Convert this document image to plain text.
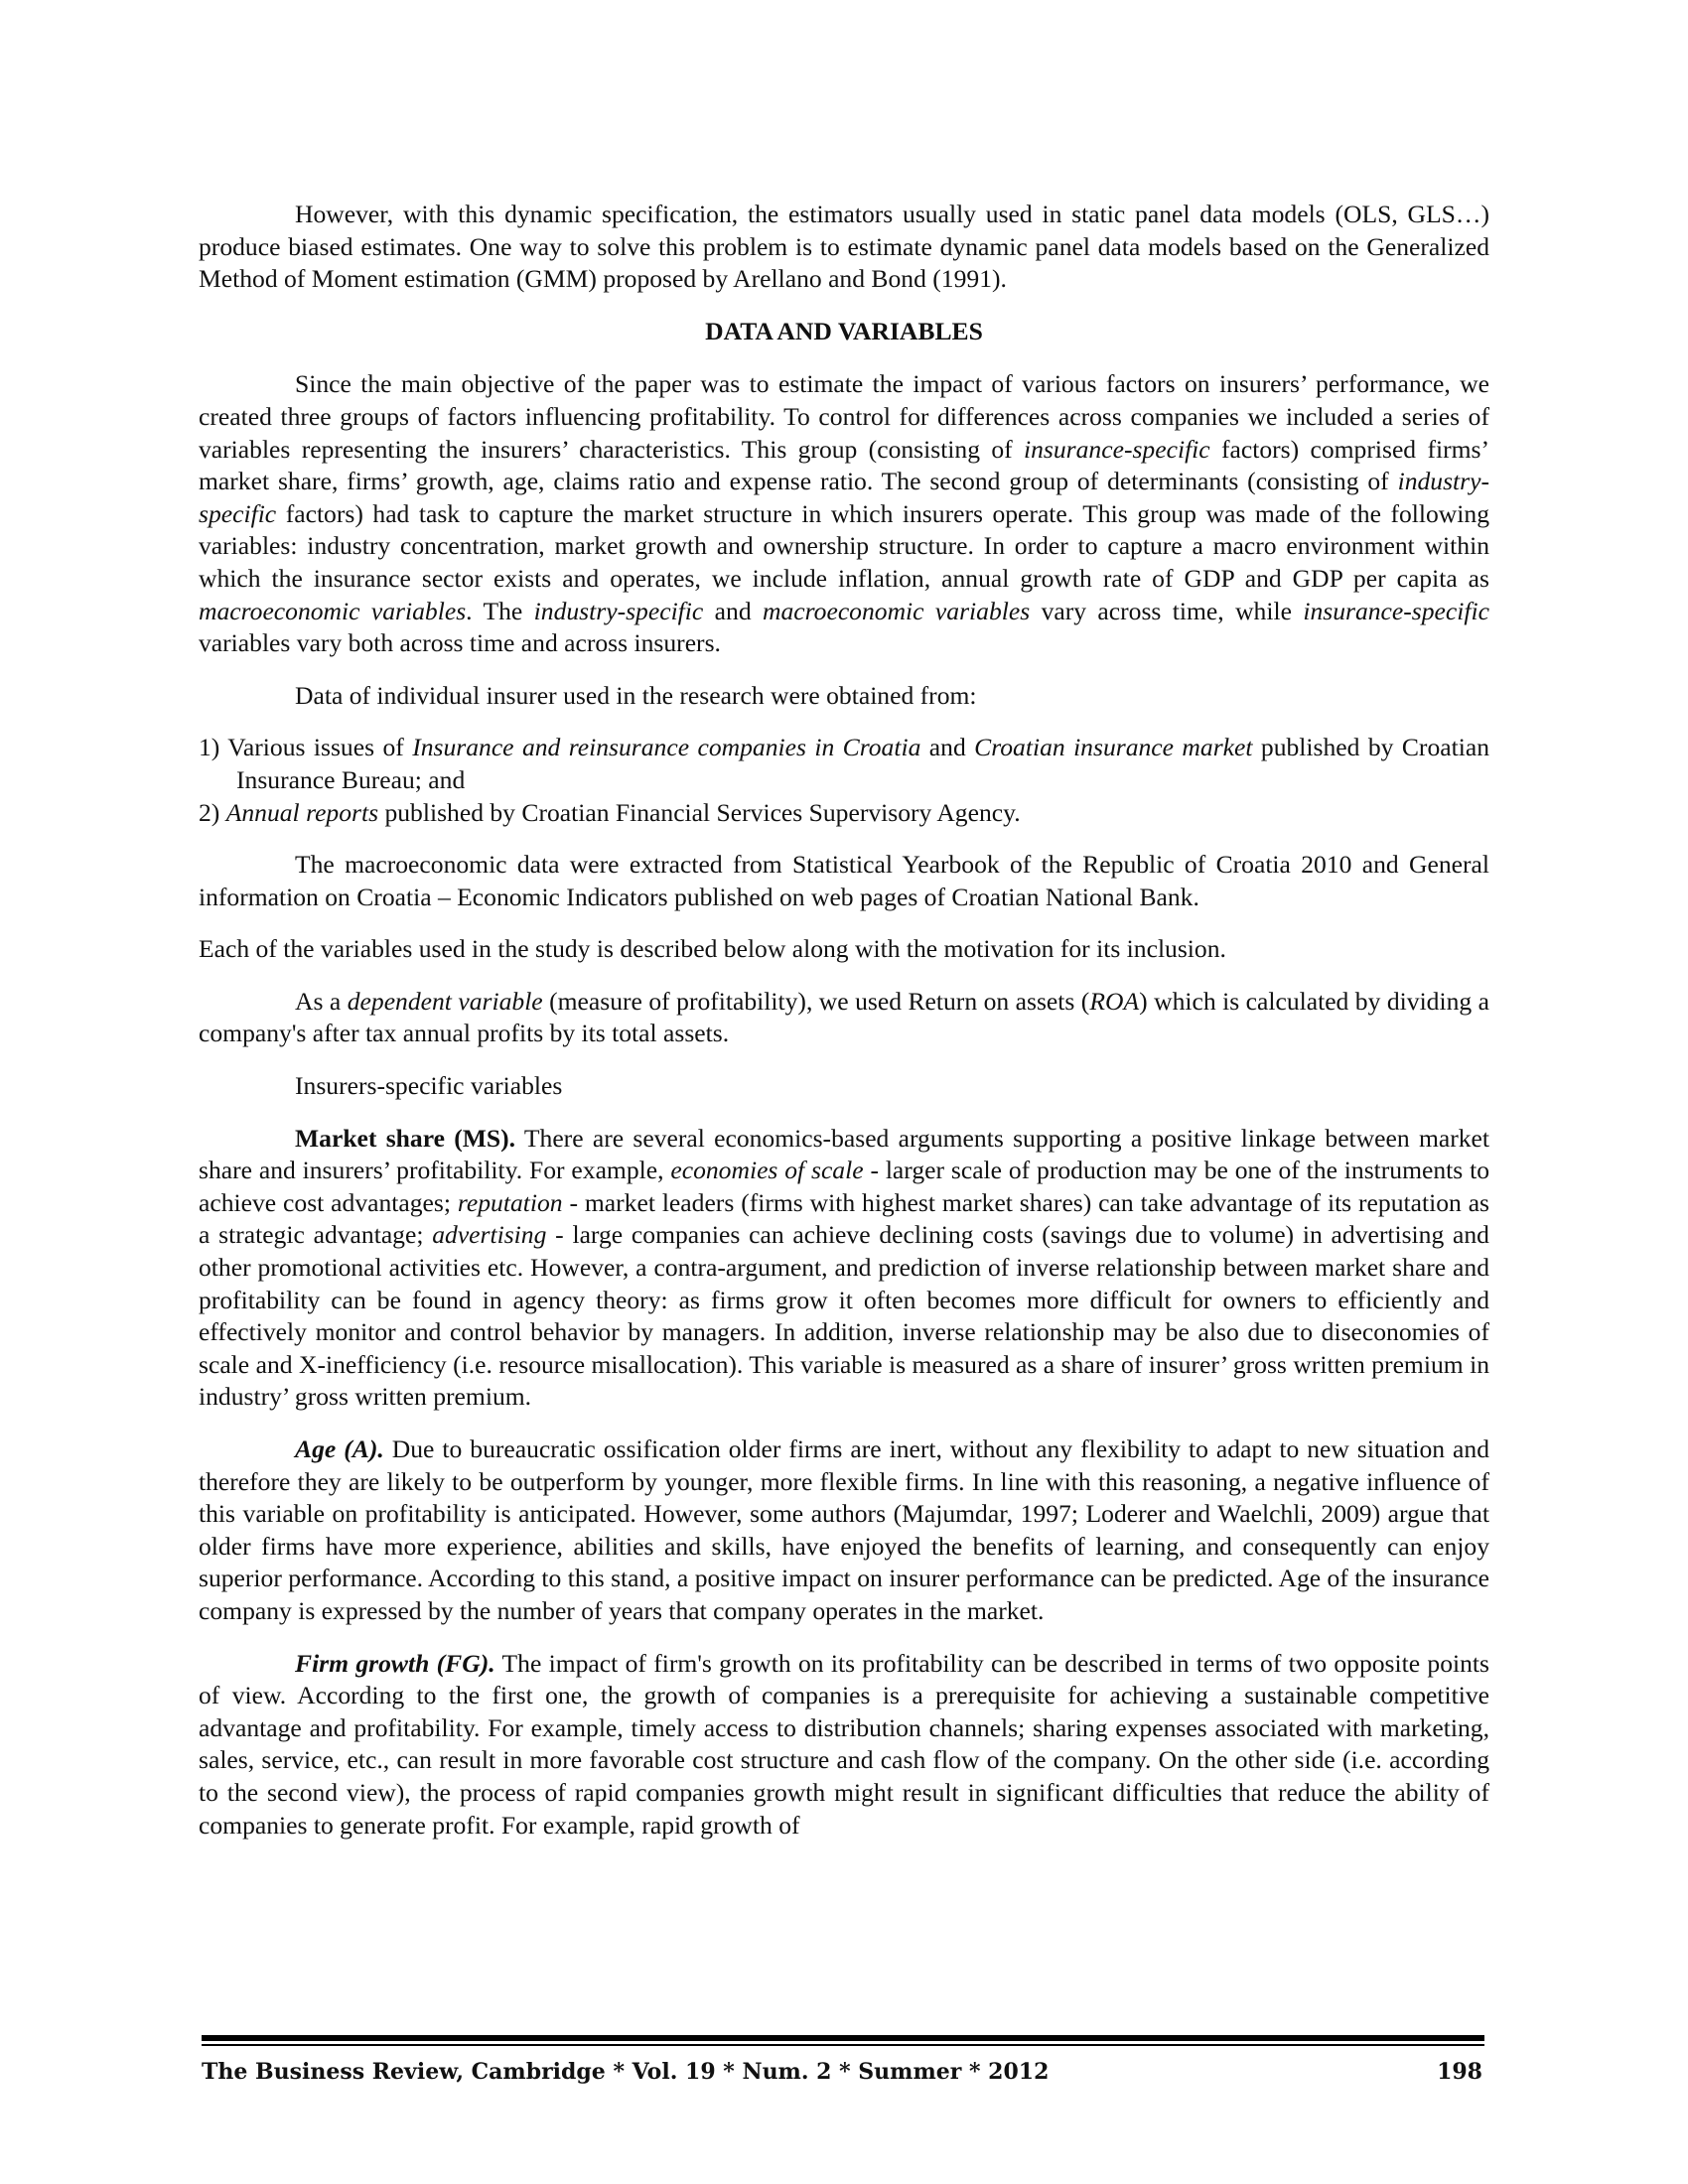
However, with this dynamic specification, the estimators usually used in static panel data models (OLS, GLS…) produce biased estimates. One way to solve this problem is to estimate dynamic panel data models based on the Generalized Method of Moment estimation (GMM) proposed by Arellano and Bond (1991).

DATA AND VARIABLES

Since the main objective of the paper was to estimate the impact of various factors on insurers’ performance, we created three groups of factors influencing profitability. To control for differences across companies we included a series of variables representing the insurers’ characteristics. This group (consisting of insurance-specific factors) comprised firms’ market share, firms’ growth, age, claims ratio and expense ratio. The second group of determinants (consisting of industry-specific factors) had task to capture the market structure in which insurers operate. This group was made of the following variables: industry concentration, market growth and ownership structure. In order to capture a macro environment within which the insurance sector exists and operates, we include inflation, annual growth rate of GDP and GDP per capita as macroeconomic variables. The industry-specific and macroeconomic variables vary across time, while insurance-specific variables vary both across time and across insurers.

Data of individual insurer used in the research were obtained from:

1) Various issues of Insurance and reinsurance companies in Croatia and Croatian insurance market published by Croatian Insurance Bureau; and

2) Annual reports published by Croatian Financial Services Supervisory Agency.

The macroeconomic data were extracted from Statistical Yearbook of the Republic of Croatia 2010 and General information on Croatia – Economic Indicators published on web pages of Croatian National Bank.

Each of the variables used in the study is described below along with the motivation for its inclusion.

As a dependent variable (measure of profitability), we used Return on assets (ROA) which is calculated by dividing a company's after tax annual profits by its total assets.

Insurers-specific variables

Market share (MS). There are several economics-based arguments supporting a positive linkage between market share and insurers’ profitability. For example, economies of scale - larger scale of production may be one of the instruments to achieve cost advantages; reputation - market leaders (firms with highest market shares) can take advantage of its reputation as a strategic advantage; advertising - large companies can achieve declining costs (savings due to volume) in advertising and other promotional activities etc. However, a contra-argument, and prediction of inverse relationship between market share and profitability can be found in agency theory: as firms grow it often becomes more difficult for owners to efficiently and effectively monitor and control behavior by managers. In addition, inverse relationship may be also due to diseconomies of scale and X-inefficiency (i.e. resource misallocation). This variable is measured as a share of insurer’ gross written premium in industry’ gross written premium.

Age (A). Due to bureaucratic ossification older firms are inert, without any flexibility to adapt to new situation and therefore they are likely to be outperform by younger, more flexible firms. In line with this reasoning, a negative influence of this variable on profitability is anticipated. However, some authors (Majumdar, 1997; Loderer and Waelchli, 2009) argue that older firms have more experience, abilities and skills, have enjoyed the benefits of learning, and consequently can enjoy superior performance. According to this stand, a positive impact on insurer performance can be predicted. Age of the insurance company is expressed by the number of years that company operates in the market.

Firm growth (FG). The impact of firm's growth on its profitability can be described in terms of two opposite points of view. According to the first one, the growth of companies is a prerequisite for achieving a sustainable competitive advantage and profitability. For example, timely access to distribution channels; sharing expenses associated with marketing, sales, service, etc., can result in more favorable cost structure and cash flow of the company. On the other side (i.e. according to the second view), the process of rapid companies growth might result in significant difficulties that reduce the ability of companies to generate profit. For example, rapid growth of

The Business Review, Cambridge * Vol. 19 * Num. 2 * Summer * 2012	198
